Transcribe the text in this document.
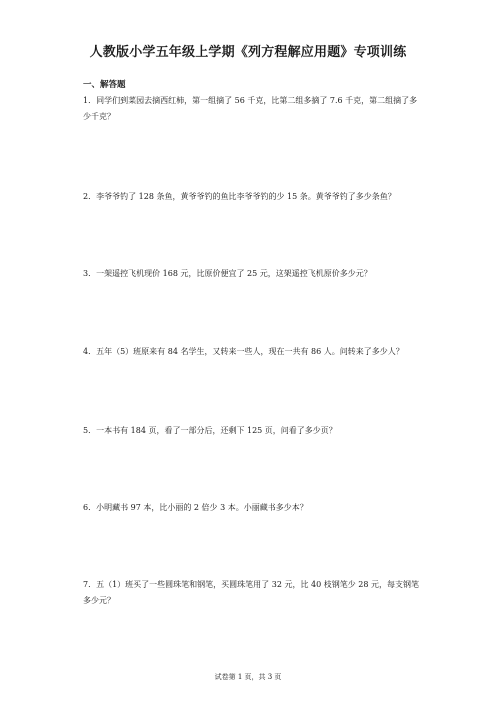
人教版小学五年级上学期《列方程解应用题》专项训练
一、解答题
1．同学们到菜园去摘西红柿，第一组摘了 56 千克，比第二组多摘了 7.6 千克，第二组摘了多少千克？
2．李爷爷钓了 128 条鱼，黄爷爷钓的鱼比李爷爷钓的少 15 条。黄爷爷钓了多少条鱼？
3．一架遥控飞机现价 168 元，比原价便宜了 25 元，这架遥控飞机原价多少元？
4．五年（5）班原来有 84 名学生，又转来一些人，现在一共有 86 人。问转来了多少人？
5．一本书有 184 页，看了一部分后，还剩下 125 页，问看了多少页？
6．小明藏书 97 本，比小丽的 2 倍少 3 本。小丽藏书多少本？
7．五（1）班买了一些圆珠笔和钢笔，买圆珠笔用了 32 元，比 40 枝钢笔少 28 元，每支钢笔多少元？
试卷第 1 页，共 3 页
